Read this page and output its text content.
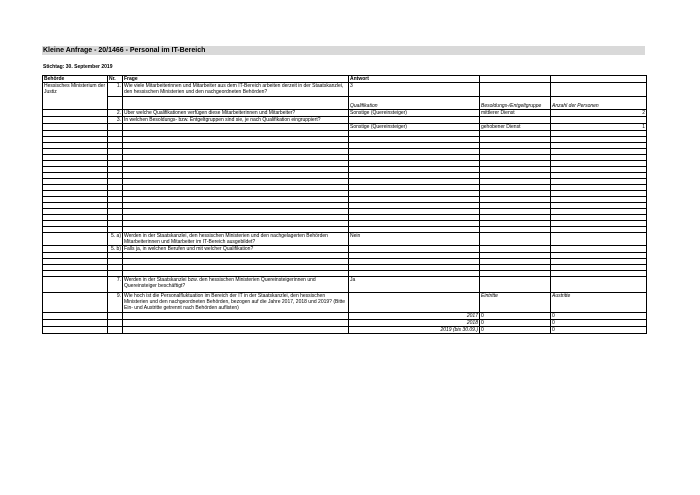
Kleine Anfrage - 20/1466 - Personal im IT-Bereich
Stichtag: 30. September 2019
Behörde	Nr.	Frage	Antwort		
Hessisches Ministerium der Justiz	1.	Wie viele Mitarbeiterinnen und Mitarbeiter aus dem IT-Bereich arbeiten derzeit in der Staatskanzlei, den hessischen Ministerien und den nachgeordneten Behörden?	3		
			Qualifikation	Besoldungs-/Entgeltgruppe	Anzahl der Personen
	2.	Über welche Qualifikationen verfügen diese Mitarbeiterinnen und Mitarbeiter?	Sonstige (Quereinsteiger)	mittlerer Dienst	2
	3.	In welchen Besoldungs- bzw. Entgeltgruppen sind sie, je nach Qualifikation eingruppiert?			
			Sonstige (Quereinsteiger)	gehobener Dienst	1

	5. a)	Werden in der Staatskanzlei, den hessischen Ministerien und den nachgelagerten Behörden Mitarbeiterinnen und Mitarbeiter im IT-Bereich ausgebildet?	Nein		
	5. b)	Falls ja, in welchen Berufen und mit welcher Qualifikation?			

	7.	Werden in der Staatskanzlei bzw. den hessischen Ministerien Quereinsteigerinnen und Quereinsteiger beschäftigt?	Ja		
	9.	Wie hoch ist die Personalfluktuation im Bereich der IT in der Staatskanzlei, den hessischen Ministerien und den nachgeordneten Behörden, bezogen auf die Jahre 2017, 2018 und 2019? (Bitte Ein- und Austritte getrennt nach Behörden auflisten)		Eintritte	Austritte
			2017	0	0
			2018	0	0
			2019 (bis 30.09.)	0	0
